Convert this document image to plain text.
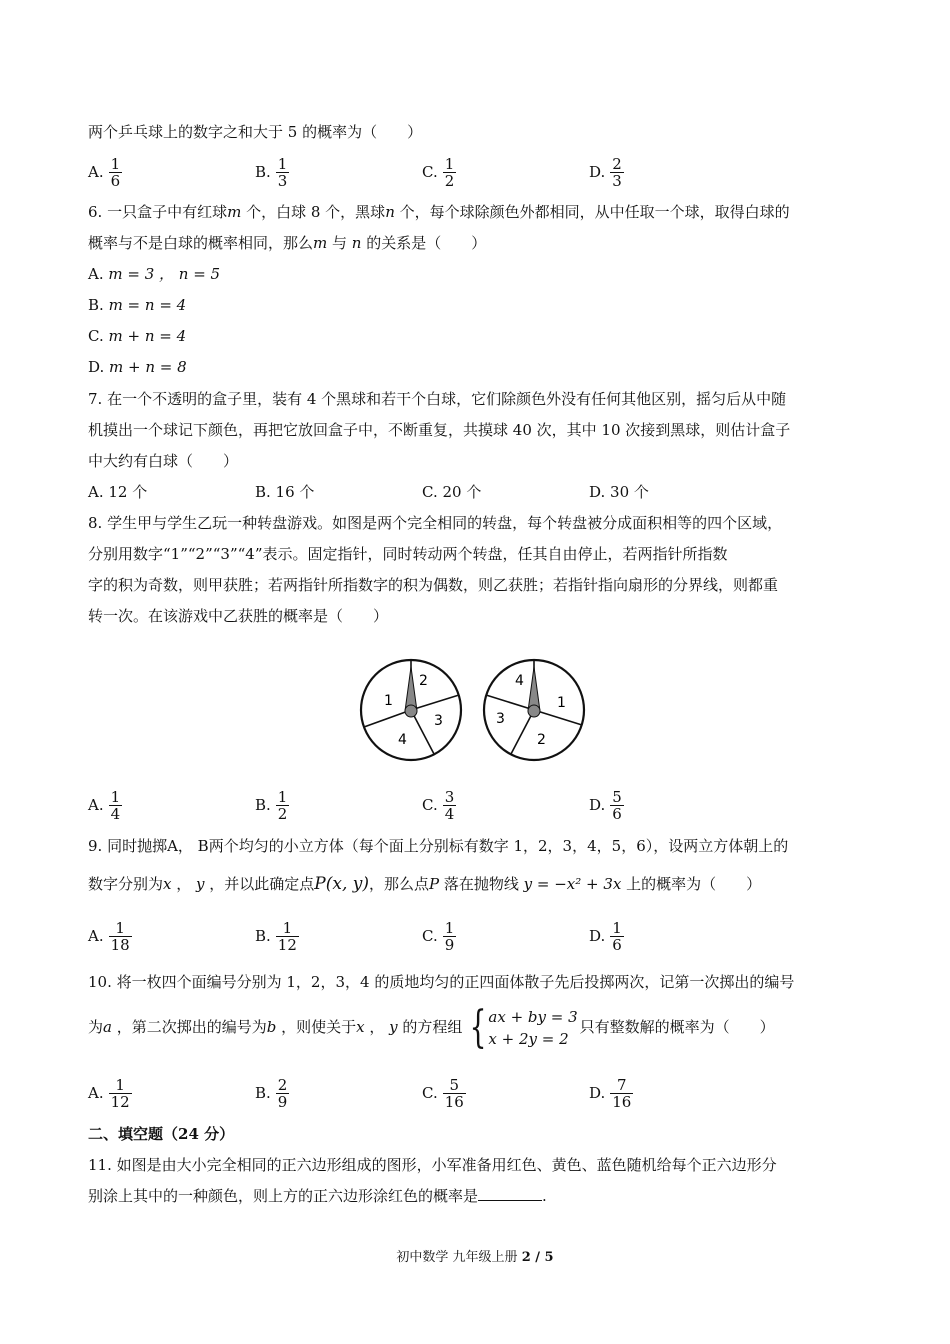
两个乒乓球上的数字之和大于 5 的概率为（　　）
A. $\frac{1}{6}$	B. $\frac{1}{3}$	C. $\frac{1}{2}$	D. $\frac{2}{3}$
6. 一只盒子中有红球m 个，白球 8 个，黑球n 个，每个球除颜色外都相同，从中任取一个球，取得白球的
概率与不是白球的概率相同，那么m 与 n 的关系是（　　）
A. m = 3 ， n = 5
B. m = n = 4
C. m + n = 4
D. m + n = 8
7. 在一个不透明的盒子里，装有 4 个黑球和若干个白球，它们除颜色外没有任何其他区别，摇匀后从中随
机摸出一个球记下颜色，再把它放回盒子中，不断重复，共摸球 40 次，其中 10 次接到黑球，则估计盒子
中大约有白球（　　）
A. 12 个	B. 16 个	C. 20 个	D. 30 个
8. 学生甲与学生乙玩一种转盘游戏。如图是两个完全相同的转盘，每个转盘被分成面积相等的四个区域，
分别用数字“1”“2”“3”“4”表示。固定指针，同时转动两个转盘，任其自由停止，若两指针所指数
字的积为奇数，则甲获胜；若两指针所指数字的积为偶数，则乙获胜；若指针指向扇形的分界线，则都重
转一次。在该游戏中乙获胜的概率是（　　）
1
2
3
4
4
1
2
3
A. $\frac{1}{4}$	B. $\frac{1}{2}$	C. $\frac{3}{4}$	D. $\frac{5}{6}$
9. 同时抛掷A， B两个均匀的小立方体（每个面上分别标有数字 1，2，3，4，5，6），设两立方体朝上的
数字分别为x ， y ，并以此确定点P(x, y)，那么点P 落在抛物线 y = −x² + 3x 上的概率为（　　）
A. $\frac{1}{18}$	B. $\frac{1}{12}$	C. $\frac{1}{9}$	D. $\frac{1}{6}$
10. 将一枚四个面编号分别为 1，2，3，4 的质地均匀的正四面体散子先后投掷两次，记第一次掷出的编号
为a ，第二次掷出的编号为b ，则使关于x ， y 的方程组 { ax + by = 3
x + 2y = 2
只有整数解的概率为（　　）
A. $\frac{1}{12}$	B. $\frac{2}{9}$	C. $\frac{5}{16}$	D. $\frac{7}{16}$
二、填空题（24 分）
11. 如图是由大小完全相同的正六边形组成的图形，小军准备用红色、黄色、蓝色随机给每个正六边形分
别涂上其中的一种颜色，则上方的正六边形涂红色的概率是	.
初中数学 九年级上册 2 / 5
